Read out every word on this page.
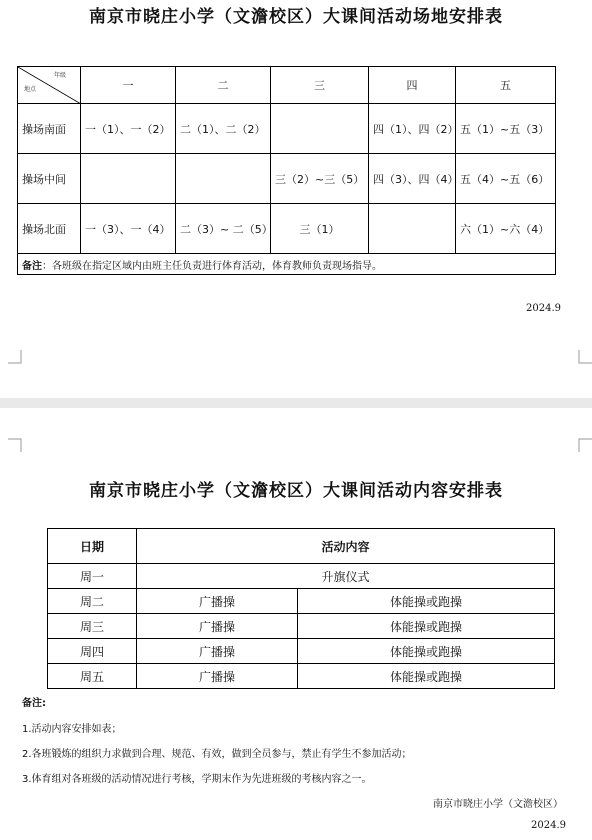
南京市晓庄小学（文澹校区）大课间活动场地安排表
年级
地点	一	二	三	四	五
操场南面	一（1）、一（2）	二（1）、二（2）		四（1）、四（2）	五（1）~五（3）
操场中间			三（2）~三（5）	四（3）、四（4）	五（4）~五（6）
操场北面	一（3）、一（4）	二（3）~ 二（5）	三（1）		六（1）~六（4）
备注：各班级在指定区域内由班主任负责进行体育活动，体育教师负责现场指导。					
2024.9
南京市晓庄小学（文澹校区）大课间活动内容安排表
日期	活动内容	
周一	升旗仪式	
周二	广播操	体能操或跑操
周三	广播操	体能操或跑操
周四	广播操	体能操或跑操
周五	广播操	体能操或跑操
备注:
1.活动内容安排如表；
2.各班锻炼的组织力求做到合理、规范、有效，做到全员参与，禁止有学生不参加活动；
3.体育组对各班级的活动情况进行考核，学期末作为先进班级的考核内容之一。
南京市晓庄小学（文澹校区）
2024.9
